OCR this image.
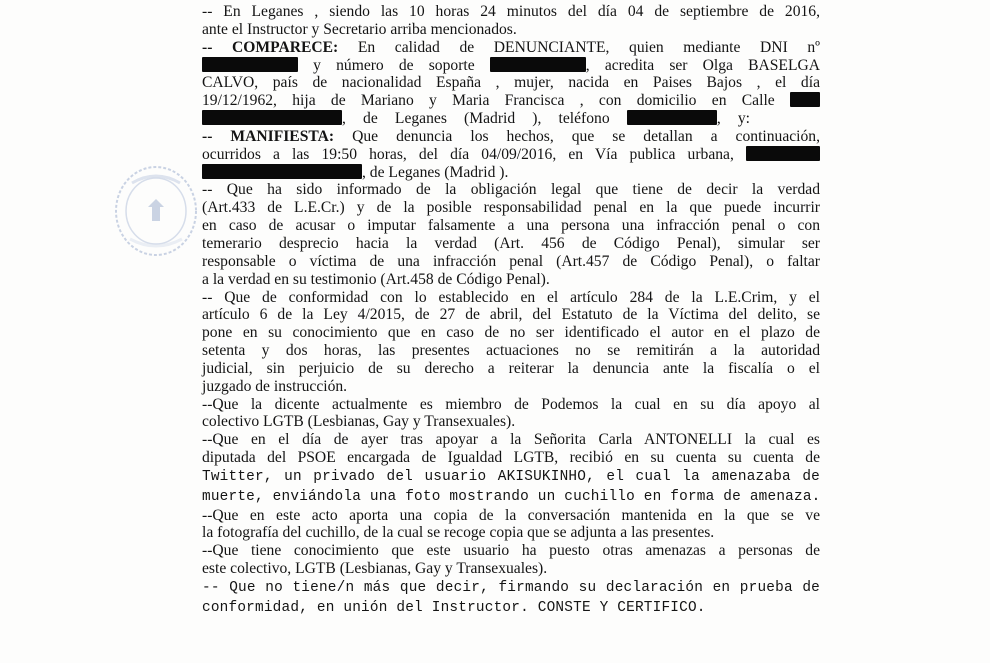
-- En Leganes , siendo las 10 horas 24 minutos del día 04 de septiembre de 2016,
ante el Instructor y Secretario arriba mencionados.
-- COMPARECE: En calidad de DENUNCIANTE, quien mediante DNI nº
y número de soporte	, acredita ser Olga BASELGA
CALVO, país de nacionalidad España , mujer, nacida en Paises Bajos , el día
19/12/1962, hija de Mariano y Maria Francisca , con domicilio en Calle
, de Leganes (Madrid ), teléfono	, y:
-- MANIFIESTA: Que denuncia los hechos, que se detallan a continuación,
ocurridos a las 19:50 horas, del día 04/09/2016, en Vía publica urbana,
, de Leganes (Madrid ).
-- Que ha sido informado de la obligación legal que tiene de decir la verdad
(Art.433 de L.E.Cr.) y de la posible responsabilidad penal en la que puede incurrir
en caso de acusar o imputar falsamente a una persona una infracción penal o con
temerario desprecio hacia la verdad (Art. 456 de Código Penal), simular ser
responsable o víctima de una infracción penal (Art.457 de Código Penal), o faltar
a la verdad en su testimonio (Art.458 de Código Penal).
-- Que de conformidad con lo establecido en el artículo 284 de la L.E.Crim, y el
artículo 6 de la Ley 4/2015, de 27 de abril, del Estatuto de la Víctima del delito, se
pone en su conocimiento que en caso de no ser identificado el autor en el plazo de
setenta y dos horas, las presentes actuaciones no se remitirán a la autoridad
judicial, sin perjuicio de su derecho a reiterar la denuncia ante la fiscalía o el
juzgado de instrucción.
--Que la dicente actualmente es miembro de Podemos la cual en su día apoyo al
colectivo LGTB (Lesbianas, Gay y Transexuales).
--Que en el día de ayer tras apoyar a la Señorita Carla ANTONELLI la cual es
diputada del PSOE encargada de Igualdad LGTB, recibió en su cuenta su cuenta de
Twitter, un privado del usuario AKISUKINHO, el cual la amenazaba de
muerte, enviándola una foto mostrando un cuchillo en forma de amenaza.
--Que en este acto aporta una copia de la conversación mantenida en la que se ve
la fotografía del cuchillo, de la cual se recoge copia que se adjunta a las presentes.
--Que tiene conocimiento que este usuario ha puesto otras amenazas a personas de
este colectivo, LGTB (Lesbianas, Gay y Transexuales).
-- Que no tiene/n más que decir, firmando su declaración en prueba de
conformidad, en unión del Instructor. CONSTE Y CERTIFICO.
